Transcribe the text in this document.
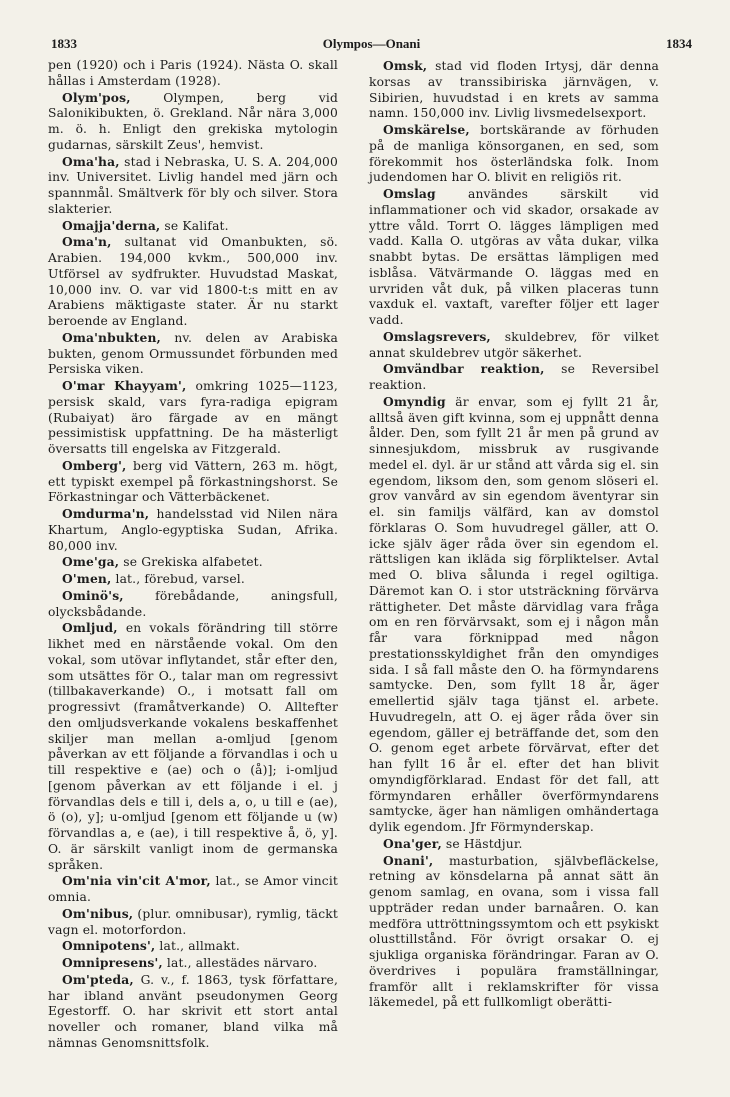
1833	Olympos—Onani	1834

pen (1920) och i Paris (1924). Nästa O. skall hållas i Amsterdam (1928).

Olym'pos, Olympen, berg vid Salonikibukten, ö. Grekland. Når nära 3,000 m. ö. h. Enligt den grekiska mytologin gudarnas, särskilt Zeus', hemvist.

Oma'ha, stad i Nebraska, U. S. A. 204,000 inv. Universitet. Livlig handel med järn och spannmål. Smältverk för bly och silver. Stora slakterier.

Omajja'derna, se Kalifat.

Oma'n, sultanat vid Omanbukten, sö. Arabien. 194,000 kvkm., 500,000 inv. Utförsel av sydfrukter. Huvudstad Maskat, 10,000 inv. O. var vid 1800-t:s mitt en av Arabiens mäktigaste stater. Är nu starkt beroende av England.

Oma'nbukten, nv. delen av Arabiska bukten, genom Ormussundet förbunden med Persiska viken.

O'mar Khayyam', omkring 1025—1123, persisk skald, vars fyra-radiga epigram (Rubaiyat) äro färgade av en mängt pessimistisk uppfattning. De ha mästerligt översatts till engelska av Fitzgerald.

Omberg', berg vid Vättern, 263 m. högt, ett typiskt exempel på förkastningshorst. Se Förkastningar och Vätterbäckenet.

Omdurma'n, handelsstad vid Nilen nära Khartum, Anglo-egyptiska Sudan, Afrika. 80,000 inv.

Ome'ga, se Grekiska alfabetet.

O'men, lat., förebud, varsel.

Ominö's, förebådande, aningsfull, olycksbådande.

Omljud, en vokals förändring till större likhet med en närstående vokal. Om den vokal, som utövar inflytandet, står efter den, som utsättes för O., talar man om regressivt (tillbakaverkande) O., i motsatt fall om progressivt (framåtverkande) O. Alltefter den omljudsverkande vokalens beskaffenhet skiljer man mellan a-omljud [genom påverkan av ett följande a förvandlas i och u till respektive e (ae) och o (å)]; i-omljud [genom påverkan av ett följande i el. j förvandlas dels e till i, dels a, o, u till e (ae), ö (o), y]; u-omljud [genom ett följande u (w) förvandlas a, e (ae), i till respektive å, ö, y]. O. är särskilt vanligt inom de germanska språken.

Om'nia vin'cit A'mor, lat., se Amor vincit omnia.

Om'nibus, (plur. omnibusar), rymlig, täckt vagn el. motorfordon.

Omnipotens', lat., allmakt.

Omnipresens', lat., allestädes närvaro.

Om'pteda, G. v., f. 1863, tysk författare, har ibland använt pseudonymen Georg Egestorff. O. har skrivit ett stort antal noveller och romaner, bland vilka må nämnas Genomsnittsfolk.

Omsk, stad vid floden Irtysj, där denna korsas av transsibiriska järnvägen, v. Sibirien, huvudstad i en krets av samma namn. 150,000 inv. Livlig livsmedelsexport.

Omskärelse, bortskärande av förhuden på de manliga könsorganen, en sed, som förekommit hos österländska folk. Inom judendomen har O. blivit en religiös rit.

Omslag användes särskilt vid inflammationer och vid skador, orsakade av yttre våld. Torrt O. lägges lämpligen med vadd. Kalla O. utgöras av våta dukar, vilka snabbt bytas. De ersättas lämpligen med isblåsa. Vätvärmande O. läggas med en urvriden våt duk, på vilken placeras tunn vaxduk el. vaxtaft, varefter följer ett lager vadd.

Omslagsrevers, skuldebrev, för vilket annat skuldebrev utgör säkerhet.

Omvändbar reaktion, se Reversibel reaktion.

Omyndig är envar, som ej fyllt 21 år, alltså även gift kvinna, som ej uppnått denna ålder. Den, som fyllt 21 år men på grund av sinnesjukdom, missbruk av rusgivande medel el. dyl. är ur stånd att vårda sig el. sin egendom, liksom den, som genom slöseri el. grov vanvård av sin egendom äventyrar sin el. sin familjs välfärd, kan av domstol förklaras O. Som huvudregel gäller, att O. icke själv äger råda över sin egendom el. rättsligen kan ikläda sig förpliktelser. Avtal med O. bliva sålunda i regel ogiltiga. Däremot kan O. i stor utsträckning förvärva rättigheter. Det måste därvidlag vara fråga om en ren förvärvsakt, som ej i någon mån får vara förknippad med någon prestationsskyldighet från den omyndiges sida. I så fall måste den O. ha förmyndarens samtycke. Den, som fyllt 18 år, äger emellertid själv taga tjänst el. arbete. Huvudregeln, att O. ej äger råda över sin egendom, gäller ej beträffande det, som den O. genom eget arbete förvärvat, efter det han fyllt 16 år el. efter det han blivit omyndigförklarad. Endast för det fall, att förmyndaren erhåller överförmyndarens samtycke, äger han nämligen omhändertaga dylik egendom. Jfr Förmynderskap.

Ona'ger, se Hästdjur.

Onani', masturbation, självbefläckelse, retning av könsdelarna på annat sätt än genom samlag, en ovana, som i vissa fall uppträder redan under barnaåren. O. kan medföra uttröttningssymtom och ett psykiskt olusttillstånd. För övrigt orsakar O. ej sjukliga organiska förändringar. Faran av O. överdrives i populära framställningar, framför allt i reklamskrifter för vissa läkemedel, på ett fullkomligt oberätti-
